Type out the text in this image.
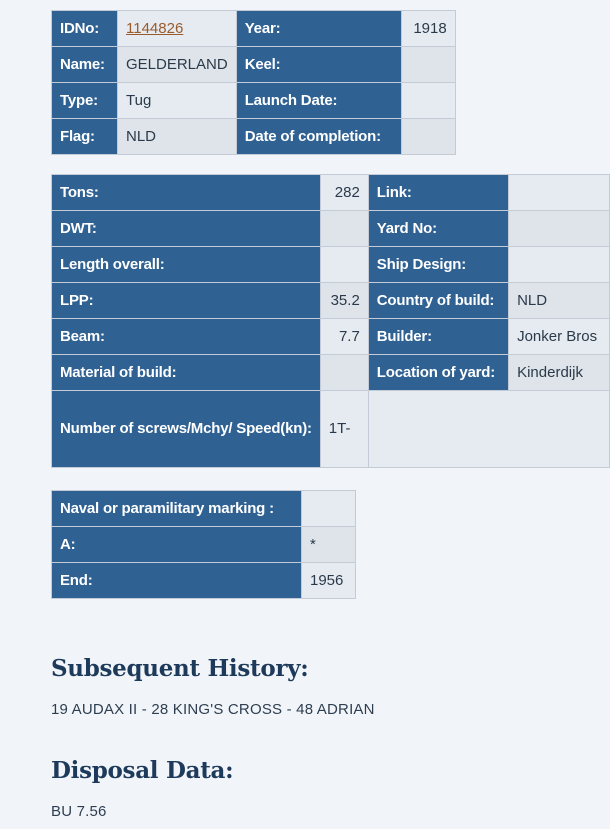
IDNo:	1144826	Year:	1918
Name:	GELDERLAND	Keel:	
Type:	Tug	Launch Date:	
Flag:	NLD	Date of completion:	
Tons:	282	Link:	
DWT:		Yard No:	
Length overall:		Ship Design:	
LPP:	35.2	Country of build:	NLD
Beam:	7.7	Builder:	Jonker Bros
Material of build:		Location of yard:	Kinderdijk
Number of screws/Mchy/ Speed(kn):	1T-		
Naval or paramilitary marking :	
A:	*
End:	1956
Subsequent History:

19 AUDAX II - 28 KING'S CROSS - 48 ADRIAN

Disposal Data:

BU 7.56
